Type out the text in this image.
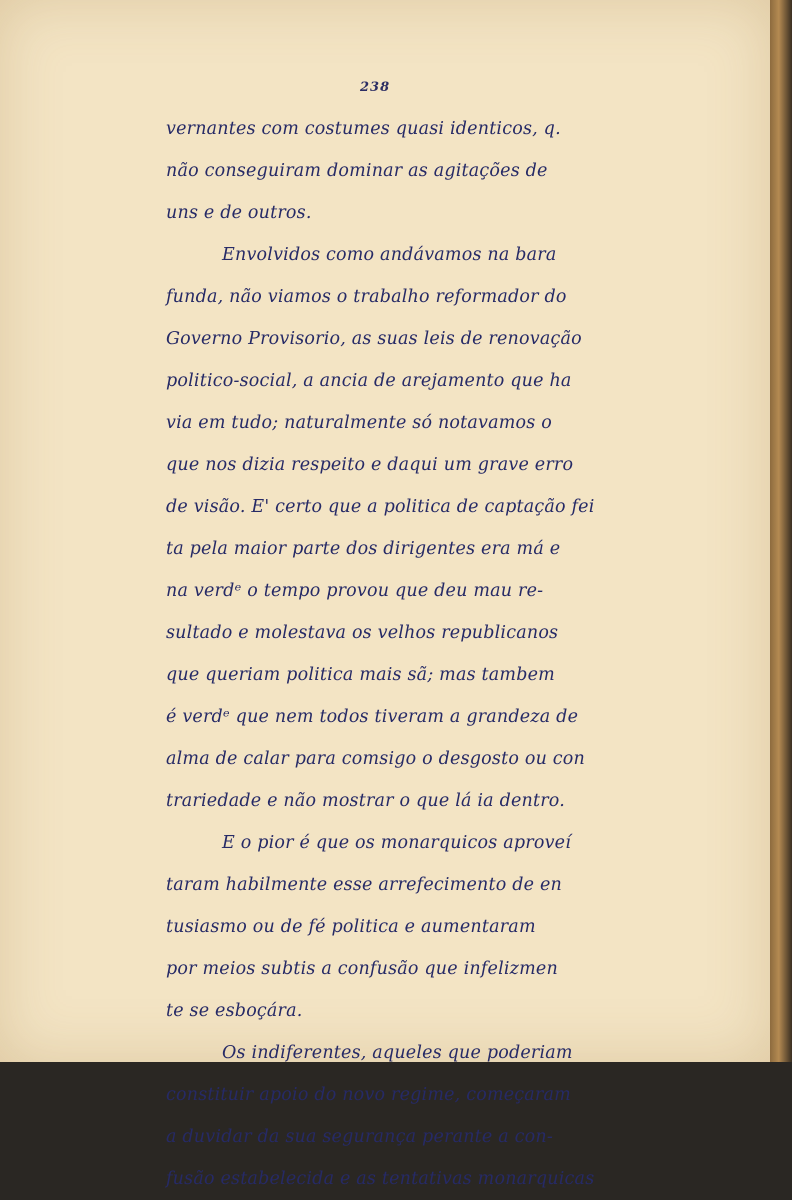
238
vernantes com costumes quasi identicos, q.
não conseguiram dominar as agitações de
uns e de outros.
Envolvidos como andávamos na bara
funda, não viamos o trabalho reformador do
Governo Provisorio, as suas leis de renovação
politico-social, a ancia de arejamento que ha
via em tudo; naturalmente só notavamos o
que nos dizia respeito e daqui um grave erro
de visão. E' certo que a politica de captação fei
ta pela maior parte dos dirigentes era má e
na verdᵉ o tempo provou que deu mau re-
sultado e molestava os velhos republicanos
que queriam politica mais sã; mas tambem
é verdᵉ que nem todos tiveram a grandeza de
alma de calar para comsigo o desgosto ou con
trariedade e não mostrar o que lá ia dentro.
E o pior é que os monarquicos aproveí
taram habilmente esse arrefecimento de en
tusiasmo ou de fé politica e aumentaram
por meios subtis a confusão que infelizmen
te se esboçára.
Os indiferentes, aqueles que poderiam
constituir apoio do novo regime, começaram
a duvidar da sua segurança perante a con-
fusão estabelecida e as tentativas monarquicas
